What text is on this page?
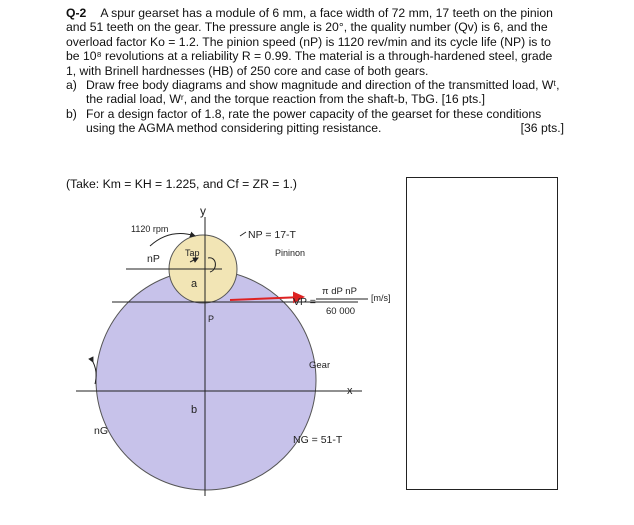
Q-2 A spur gearset has a module of 6 mm, a face width of 72 mm, 17 teeth on the pinion and 51 teeth on the gear. The pressure angle is 20°, the quality number (Qv) is 6, and the overload factor Ko = 1.2. The pinion speed (nP) is 1120 rev/min and its cycle life (NP) is to be 10⁸ revolutions at a reliability R = 0.99. The material is a through-hardened steel, grade 1, with Brinell hardnesses (HB) of 250 core and case of both gears.

a) Draw free body diagrams and show magnitude and direction of the transmitted load, Wᵗ, the radial load, Wʳ, and the torque reaction from the shaft-b, TbG. [16 pts.]
b) For a design factor of 1.8, rate the power capacity of the gearset for these conditions using the AGMA method considering pitting resistance.	[36 pts.]
(Take: Km = KH = 1.225, and Cf = ZR = 1.)
y
1120 rpm
nP	Tap
a
NP = 17-T
Pininon
P
VP =
π dP nP
60 000
[m/s]
Gear
x
b
nG
NG = 51-T
